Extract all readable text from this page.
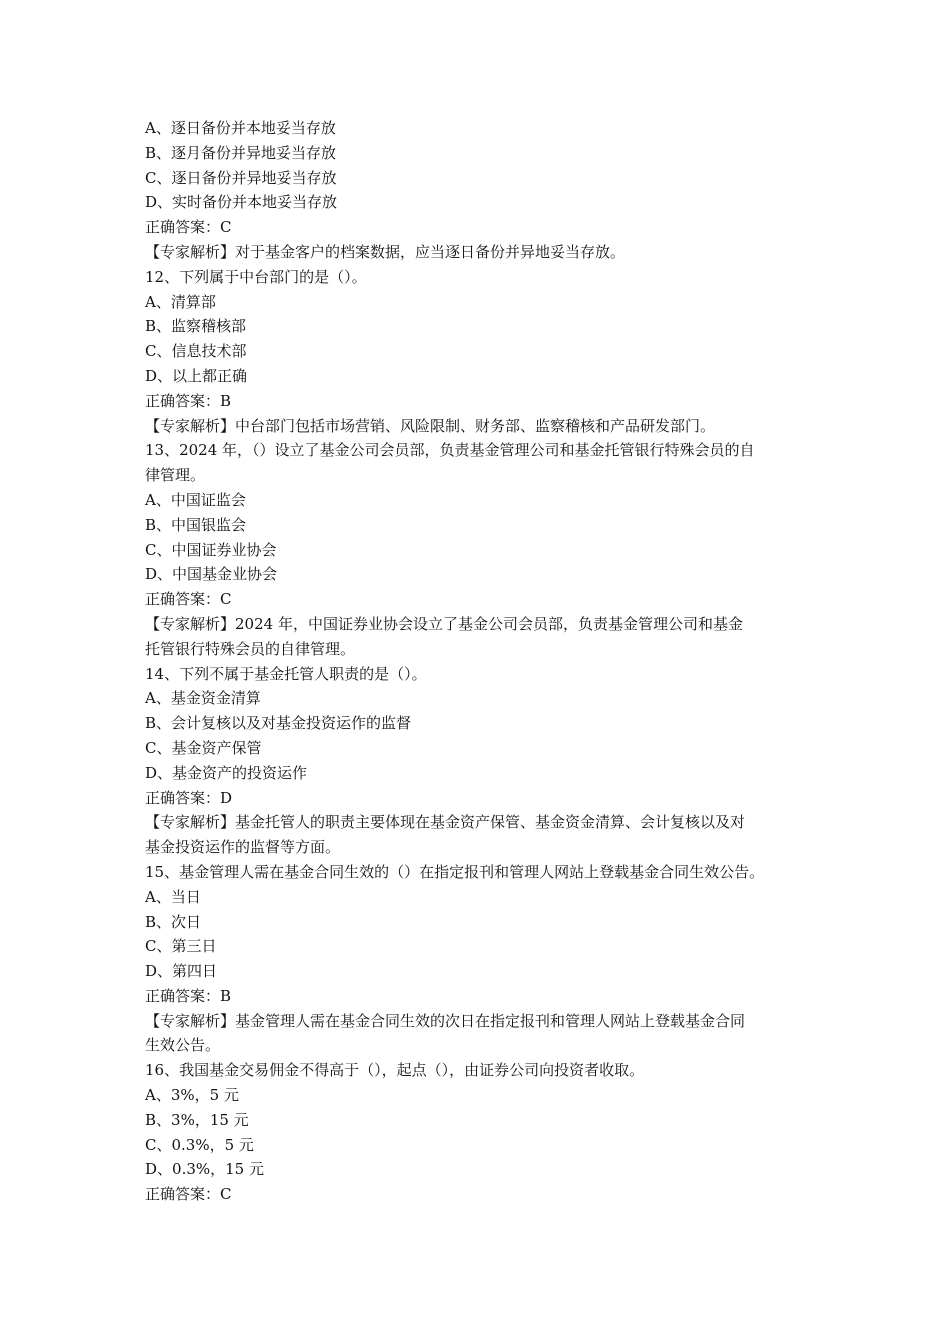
A、逐日备份并本地妥当存放
B、逐月备份并异地妥当存放
C、逐日备份并异地妥当存放
D、实时备份并本地妥当存放
正确答案：C
【专家解析】对于基金客户的档案数据，应当逐日备份并异地妥当存放。
12、下列属于中台部门的是（）。
A、清算部
B、监察稽核部
C、信息技术部
D、以上都正确
正确答案：B
【专家解析】中台部门包括市场营销、风险限制、财务部、监察稽核和产品研发部门。
13、2024 年，（）设立了基金公司会员部，负责基金管理公司和基金托管银行特殊会员的自
律管理。
A、中国证监会
B、中国银监会
C、中国证券业协会
D、中国基金业协会
正确答案：C
【专家解析】2024 年，中国证券业协会设立了基金公司会员部，负责基金管理公司和基金
托管银行特殊会员的自律管理。
14、下列不属于基金托管人职责的是（）。
A、基金资金清算
B、会计复核以及对基金投资运作的监督
C、基金资产保管
D、基金资产的投资运作
正确答案：D
【专家解析】基金托管人的职责主要体现在基金资产保管、基金资金清算、会计复核以及对
基金投资运作的监督等方面。
15、基金管理人需在基金合同生效的（）在指定报刊和管理人网站上登载基金合同生效公告。
A、当日
B、次日
C、第三日
D、第四日
正确答案：B
【专家解析】基金管理人需在基金合同生效的次日在指定报刊和管理人网站上登载基金合同
生效公告。
16、我国基金交易佣金不得高于（），起点（），由证券公司向投资者收取。
A、3%，5 元
B、3%，15 元
C、0.3%，5 元
D、0.3%，15 元
正确答案：C
